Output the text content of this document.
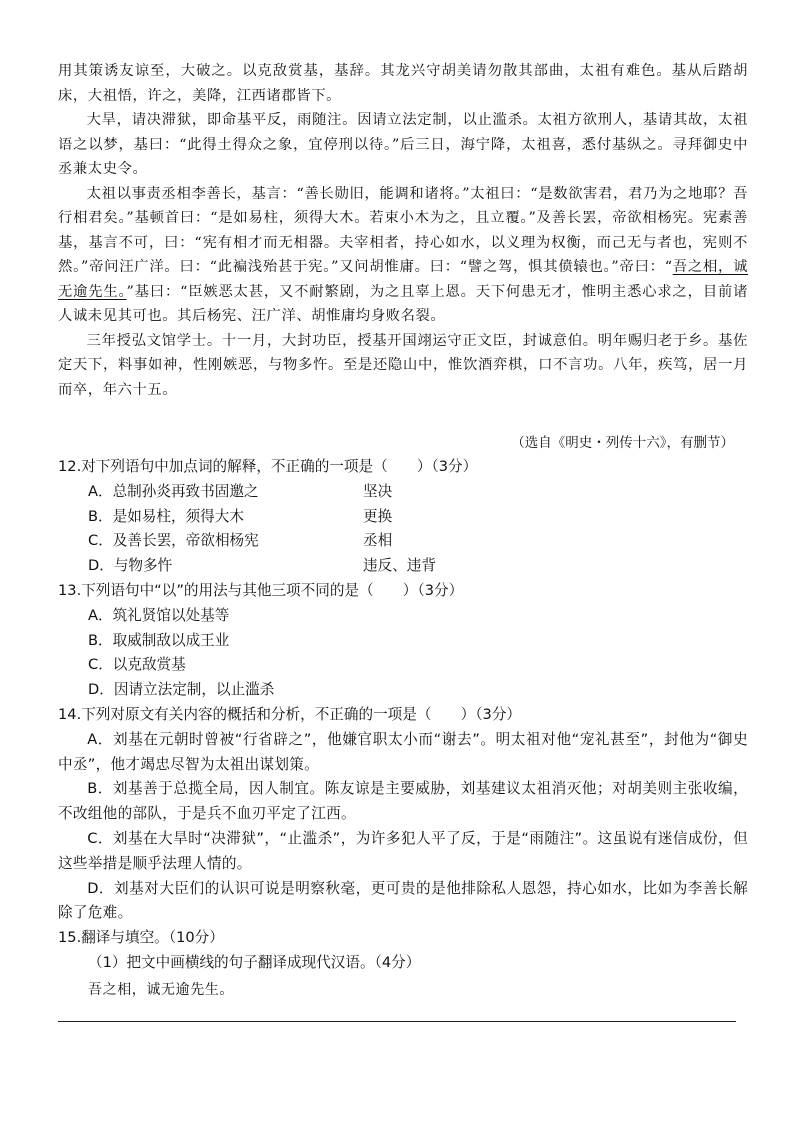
用其策诱友谅至，大破之。以克敌赏基，基辞。其龙兴守胡美请勿散其部曲，太祖有难色。基从后踏胡床，大祖悟，许之，美降，江西诸郡皆下。

大旱，请决滞狱，即命基平反，雨随注。因请立法定制，以止滥杀。太祖方欲刑人，基请其故，太祖语之以梦，基曰：“此得土得众之象，宜停刑以待。”后三日，海宁降，太祖喜，悉付基纵之。寻拜御史中丞兼太史令。

太祖以事责丞相李善长，基言：“善长勋旧，能调和诸将。”太祖曰：“是数欲害君，君乃为之地耶？吾行相君矣。”基顿首曰：“是如易柱，须得大木。若束小木为之，且立覆。”及善长罢，帝欲相杨宪。宪素善基，基言不可，曰：“宪有相才而无相器。夫宰相者，持心如水，以义理为权衡，而己无与者也，宪则不然。”帝问汪广洋。曰：“此褊浅殆甚于宪。”又问胡惟庸。曰：“譬之驾，惧其偾辕也。”帝曰：“吾之相，诚无逾先生。”基曰：“臣嫉恶太甚，又不耐繁剧，为之且辜上恩。天下何患无才，惟明主悉心求之，目前诸人诚未见其可也。其后杨宪、汪广洋、胡惟庸均身败名裂。

三年授弘文馆学士。十一月，大封功臣，授基开国翊运守正文臣，封诚意伯。明年赐归老于乡。基佐定天下，料事如神，性刚嫉恶，与物多忤。至是还隐山中，惟饮酒弈棋，口不言功。八年，疾笃，居一月而卒，年六十五。

（选自《明史・列传十六》，有删节）

12.对下列语句中加点词的解释，不正确的一项是（　　）（3分）

A．总制孙炎再致书固邀之	坚决
B．是如易柱，须得大木	更换
C．及善长罢，帝欲相杨宪	丞相
D．与物多忤	违反、违背

13.下列语句中“以”的用法与其他三项不同的是（　　）（3分）

A．筑礼贤馆以处基等

B．取威制敌以成王业

C．以克敌赏基

D．因请立法定制，以止滥杀

14.下列对原文有关内容的概括和分析，不正确的一项是（　　）（3分）

A．刘基在元朝时曾被“行省辟之”，他嫌官职太小而“谢去”。明太祖对他“宠礼甚至”，封他为“御史中丞”，他才竭忠尽智为太祖出谋划策。

B．刘基善于总揽全局，因人制宜。陈友谅是主要威胁，刘基建议太祖消灭他；对胡美则主张收编，不改组他的部队，于是兵不血刃平定了江西。

C．刘基在大旱时“决滞狱”，“止滥杀”，为许多犯人平了反，于是“雨随注”。这虽说有迷信成份，但这些举措是顺乎法理人情的。

D．刘基对大臣们的认识可说是明察秋毫，更可贵的是他排除私人恩怨，持心如水，比如为李善长解除了危难。

15.翻译与填空。（10分）

（1）把文中画横线的句子翻译成现代汉语。（4分）

吾之相，诚无逾先生。
